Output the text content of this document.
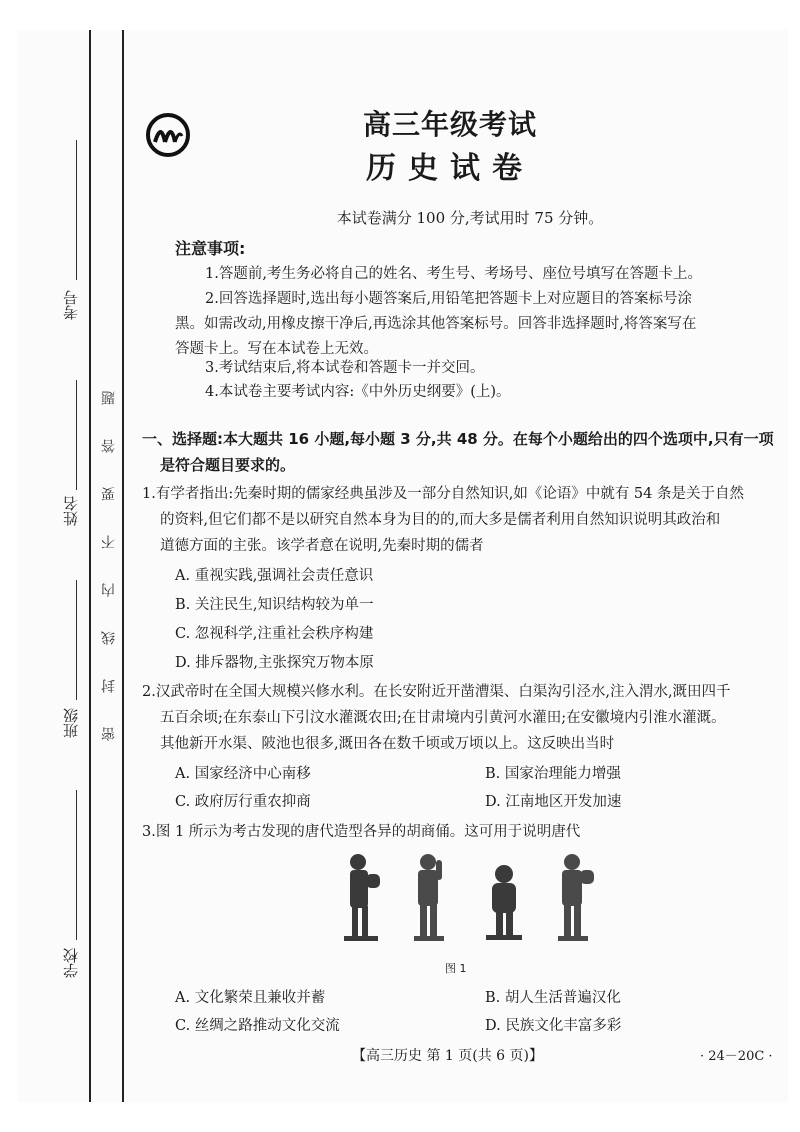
考号
姓名
班级
学校
密
封
线
内
不
要
答
题
高三年级考试
历史试卷
本试卷满分 100 分,考试用时 75 分钟。
注意事项:
1.答题前,考生务必将自己的姓名、考生号、考场号、座位号填写在答题卡上。
2.回答选择题时,选出每小题答案后,用铅笔把答题卡上对应题目的答案标号涂
黑。如需改动,用橡皮擦干净后,再选涂其他答案标号。回答非选择题时,将答案写在
答题卡上。写在本试卷上无效。
3.考试结束后,将本试卷和答题卡一并交回。
4.本试卷主要考试内容:《中外历史纲要》(上)。
一、选择题:本大题共 16 小题,每小题 3 分,共 48 分。在每个小题给出的四个选项中,只有一项
是符合题目要求的。
1.有学者指出:先秦时期的儒家经典虽涉及一部分自然知识,如《论语》中就有 54 条是关于自然
的资料,但它们都不是以研究自然本身为目的的,而大多是儒者利用自然知识说明其政治和
道德方面的主张。该学者意在说明,先秦时期的儒者
A. 重视实践,强调社会责任意识
B. 关注民生,知识结构较为单一
C. 忽视科学,注重社会秩序构建
D. 排斥器物,主张探究万物本原
2.汉武帝时在全国大规模兴修水利。在长安附近开凿漕渠、白渠沟引泾水,注入渭水,溉田四千
五百余顷;在东泰山下引汶水灌溉农田;在甘肃境内引黄河水灌田;在安徽境内引淮水灌溉。
其他新开水渠、陂池也很多,溉田各在数千顷或万顷以上。这反映出当时
A. 国家经济中心南移	B. 国家治理能力增强
C. 政府厉行重农抑商	D. 江南地区开发加速
3.图 1 所示为考古发现的唐代造型各异的胡商俑。这可用于说明唐代
图 1
A. 文化繁荣且兼收并蓄	B. 胡人生活普遍汉化
C. 丝绸之路推动文化交流	D. 民族文化丰富多彩
【高三历史 第 1 页(共 6 页)】	· 24－20C ·
